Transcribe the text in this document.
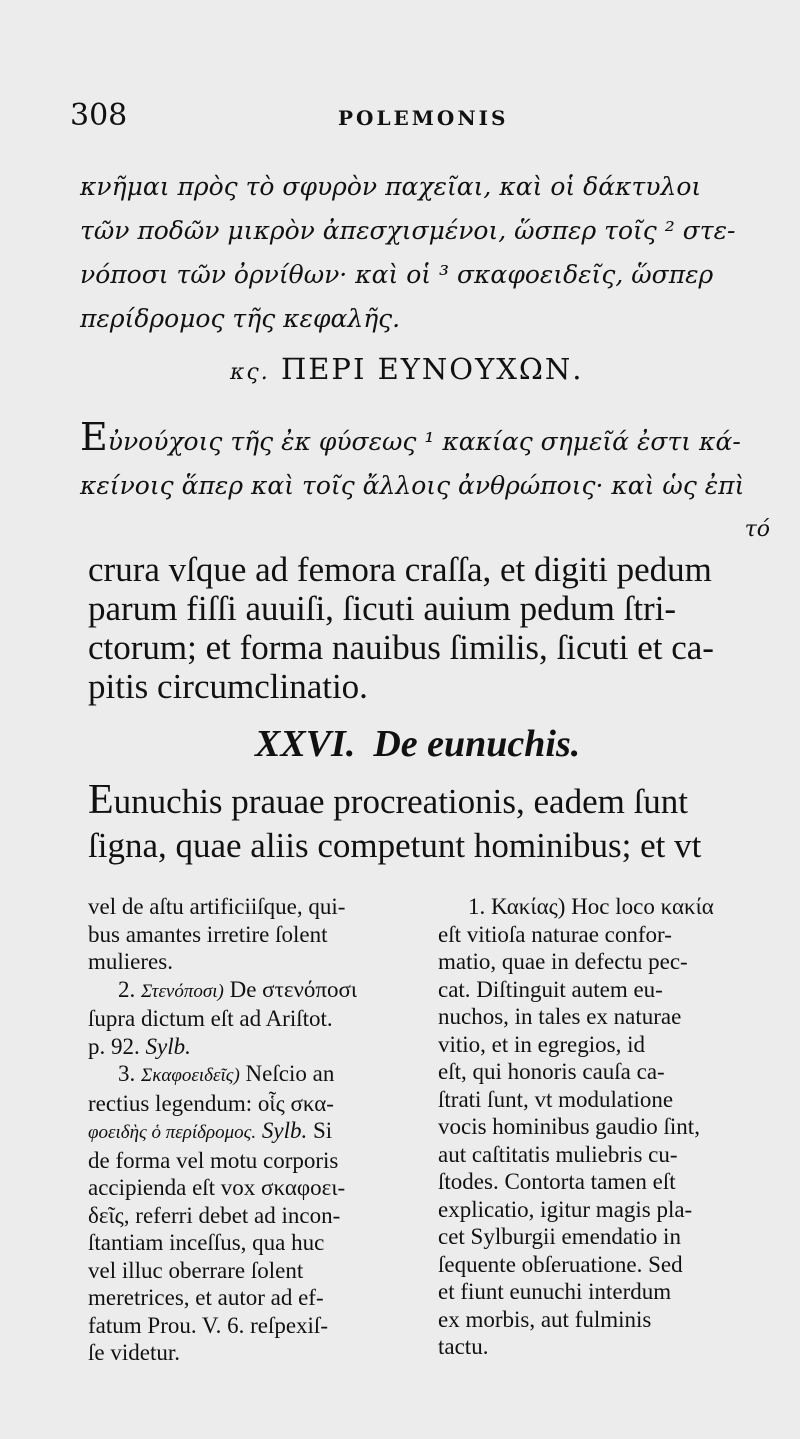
308	POLEMONIS
κνῆμαι πρὸς τὸ σφυρὸν παχεῖαι, καὶ οἱ δάκτυλοι
τῶν ποδῶν μικρὸν ἀπεσχισμένοι, ὥσπερ τοῖς ² στε-
νόποσι τῶν ὀρνίθων· καὶ οἱ ³ σκαφοειδεῖς, ὥσπερ
περίδρομος τῆς κεφαλῆς.
κς. ΠΕΡΙ ΕΥΝΟΥΧΩΝ.
Εὐνούχοις τῆς ἐκ φύσεως ¹ κακίας σημεῖά ἐστι κά-
κείνοις ἅπερ καὶ τοῖς ἄλλοις ἀνθρώποις· καὶ ὡς ἐπὶ
τό
crura vſque ad femora craſſa, et digiti pedum
parum fiſſi auuiſi, ſicuti auium pedum ſtri-
ctorum; et forma nauibus ſimilis, ſicuti et ca-
pitis circumclinatio.
XXVI. De eunuchis.
Eunuchis prauae procreationis, eadem ſunt
ſigna, quae aliis competunt hominibus; et vt
vel de aſtu artificiiſque, qui-
bus amantes irretire ſolent
mulieres.
2. Στενόποσι) De στενόποσι
ſupra dictum eſt ad Ariſtot.
p. 92. Sylb.
3. Σκαφοειδεῖς) Neſcio an
rectius legendum: οἷς σκα-
φοειδὴς ὁ περίδρομος. Sylb. Si
de forma vel motu corporis
accipienda eſt vox σκαφοει-
δεῖς, referri debet ad incon-
ſtantiam inceſſus, qua huc
vel illuc oberrare ſolent
meretrices, et autor ad ef-
fatum Prou. V. 6. reſpexiſ-
ſe videtur.
1. Κακίας) Hoc loco κακία
eſt vitioſa naturae confor-
matio, quae in defectu pec-
cat. Diſtinguit autem eu-
nuchos, in tales ex naturae
vitio, et in egregios, id
eſt, qui honoris cauſa ca-
ſtrati ſunt, vt modulatione
vocis hominibus gaudio ſint,
aut caſtitatis muliebris cu-
ſtodes. Contorta tamen eſt
explicatio, igitur magis pla-
cet Sylburgii emendatio in
ſequente obſeruatione. Sed
et fiunt eunuchi interdum
ex morbis, aut fulminis
tactu.
